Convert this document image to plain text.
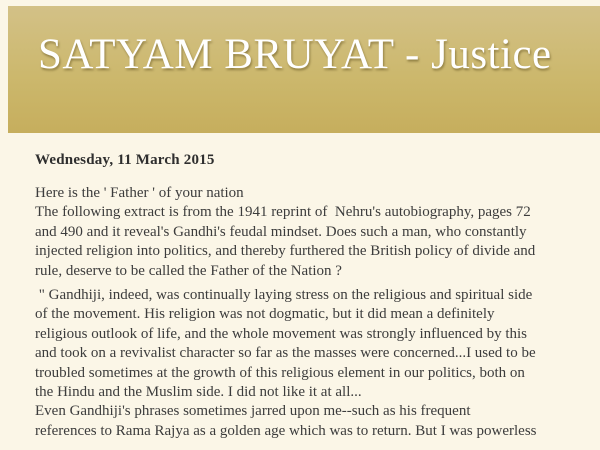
SATYAM BRUYAT - Justice
Wednesday, 11 March 2015
Here is the ' Father ' of your nation
The following extract is from the 1941 reprint of  Nehru's autobiography, pages 72
and 490 and it reveal's Gandhi's feudal mindset. Does such a man, who constantly
injected religion into politics, and thereby furthered the British policy of divide and
rule, deserve to be called the Father of the Nation ?
" Gandhiji, indeed, was continually laying stress on the religious and spiritual side
of the movement. His religion was not dogmatic, but it did mean a definitely
religious outlook of life, and the whole movement was strongly influenced by this
and took on a revivalist character so far as the masses were concerned...I used to be
troubled sometimes at the growth of this religious element in our politics, both on
the Hindu and the Muslim side. I did not like it at all...
Even Gandhiji's phrases sometimes jarred upon me--such as his frequent
references to Rama Rajya as a golden age which was to return. But I was powerless
